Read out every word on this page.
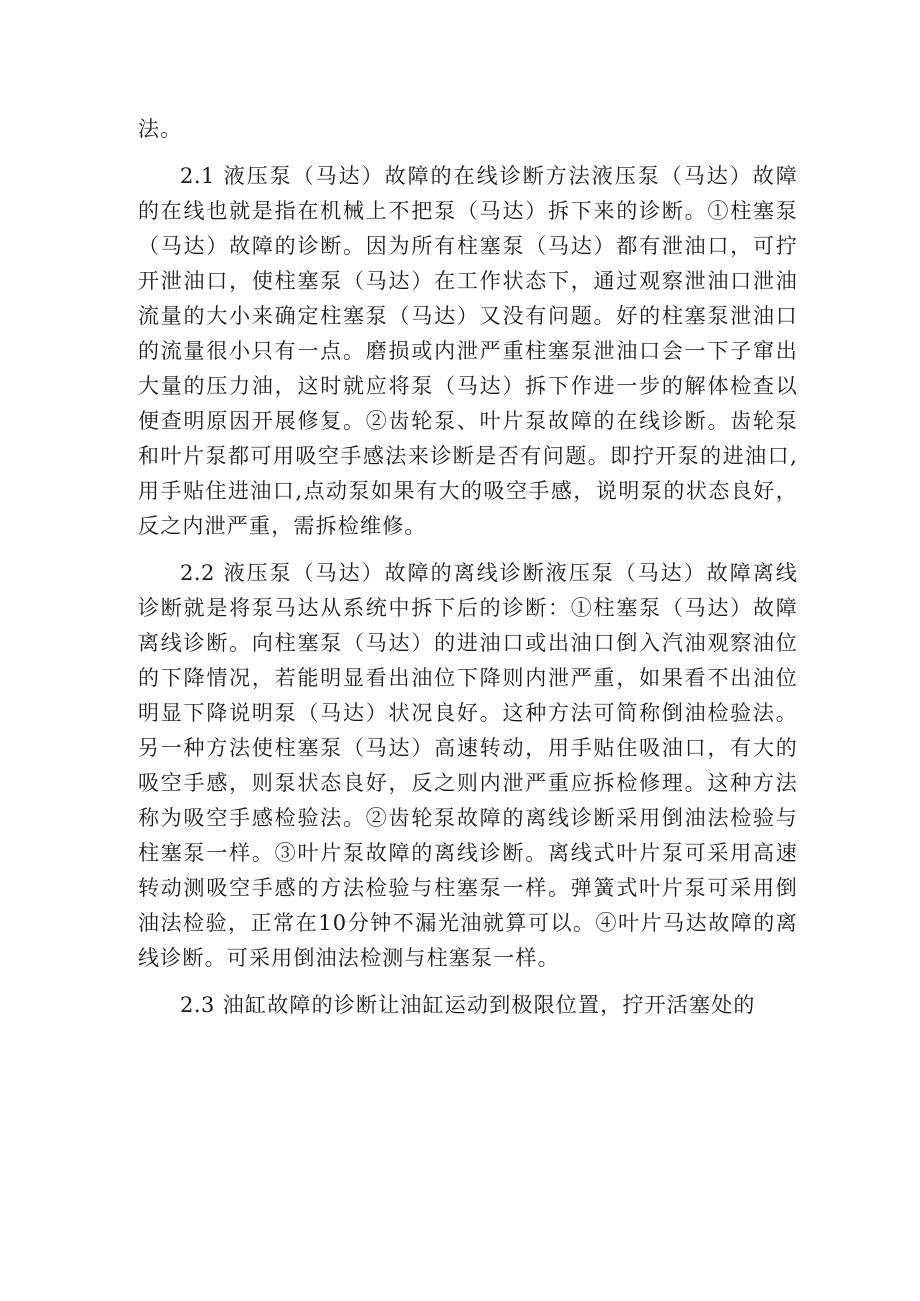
法。

2.1 液压泵（马达）故障的在线诊断方法液压泵（马达）故障的在线也就是指在机械上不把泵（马达）拆下来的诊断。①柱塞泵（马达）故障的诊断。因为所有柱塞泵（马达）都有泄油口，可拧开泄油口，使柱塞泵（马达）在工作状态下，通过观察泄油口泄油流量的大小来确定柱塞泵（马达）又没有问题。好的柱塞泵泄油口的流量很小只有一点。磨损或内泄严重柱塞泵泄油口会一下子窜出大量的压力油，这时就应将泵（马达）拆下作进一步的解体检查以便查明原因开展修复。②齿轮泵、叶片泵故障的在线诊断。齿轮泵和叶片泵都可用吸空手感法来诊断是否有问题。即拧开泵的进油口,用手贴住进油口,点动泵如果有大的吸空手感，说明泵的状态良好，反之内泄严重，需拆检维修。

2.2 液压泵（马达）故障的离线诊断液压泵（马达）故障离线诊断就是将泵马达从系统中拆下后的诊断：①柱塞泵（马达）故障离线诊断。向柱塞泵（马达）的进油口或出油口倒入汽油观察油位的下降情况，若能明显看出油位下降则内泄严重，如果看不出油位明显下降说明泵（马达）状况良好。这种方法可简称倒油检验法。另一种方法使柱塞泵（马达）高速转动，用手贴住吸油口，有大的吸空手感，则泵状态良好，反之则内泄严重应拆检修理。这种方法称为吸空手感检验法。②齿轮泵故障的离线诊断采用倒油法检验与柱塞泵一样。③叶片泵故障的离线诊断。离线式叶片泵可采用高速转动测吸空手感的方法检验与柱塞泵一样。弹簧式叶片泵可采用倒油法检验，正常在10分钟不漏光油就算可以。④叶片马达故障的离线诊断。可采用倒油法检测与柱塞泵一样。

2.3 油缸故障的诊断让油缸运动到极限位置，拧开活塞处的
